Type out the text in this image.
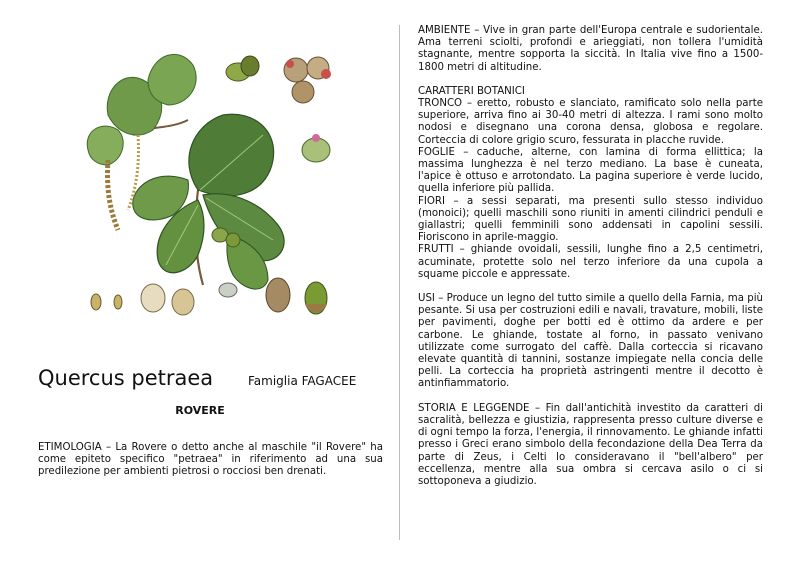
Quercus petraea	Famiglia FAGACEE
ROVERE
ETIMOLOGIA – La Rovere o detto anche al maschile "il Rovere" ha come epiteto specifico "petraea" in riferimento ad una sua predilezione per ambienti pietrosi o rocciosi ben drenati.

AMBIENTE – Vive in gran parte dell'Europa centrale e sudorientale. Ama terreni sciolti, profondi e arieggiati, non tollera l'umidità stagnante, mentre sopporta la siccità. In Italia vive fino a 1500-1800 metri di altitudine.

CARATTERI BOTANICI

TRONCO – eretto, robusto e slanciato, ramificato solo nella parte superiore, arriva fino ai 30-40 metri di altezza. I rami sono molto nodosi e disegnano una corona densa, globosa e regolare. Corteccia di colore grigio scuro, fessurata in placche ruvide.

FOGLIE – caduche, alterne, con lamina di forma ellittica; la massima lunghezza è nel terzo mediano. La base è cuneata, l'apice è ottuso e arrotondato. La pagina superiore è verde lucido, quella inferiore più pallida.

FIORI – a sessi separati, ma presenti sullo stesso individuo (monoici); quelli maschili sono riuniti in amenti cilindrici penduli e giallastri; quelli femminili sono addensati in capolini sessili. Fioriscono in aprile-maggio.

FRUTTI – ghiande ovoidali, sessili, lunghe fino a 2,5 centimetri, acuminate, protette solo nel terzo inferiore da una cupola a squame piccole e appressate.

USI – Produce un legno del tutto simile a quello della Farnia, ma più pesante. Si usa per costruzioni edili e navali, travature, mobili, liste per pavimenti, doghe per botti ed è ottimo da ardere e per carbone. Le ghiande, tostate al forno, in passato venivano utilizzate come surrogato del caffè. Dalla corteccia si ricavano elevate quantità di tannini, sostanze impiegate nella concia delle pelli. La corteccia ha proprietà astringenti mentre il decotto è antinfiammatorio.

STORIA E LEGGENDE – Fin dall'antichità investito da caratteri di sacralità, bellezza e giustizia, rappresenta presso culture diverse e di ogni tempo la forza, l'energia, il rinnovamento. Le ghiande infatti presso i Greci erano simbolo della fecondazione della Dea Terra da parte di Zeus, i Celti lo consideravano il "bell'albero" per eccellenza, mentre alla sua ombra si cercava asilo o ci si sottoponeva a giudizio.
